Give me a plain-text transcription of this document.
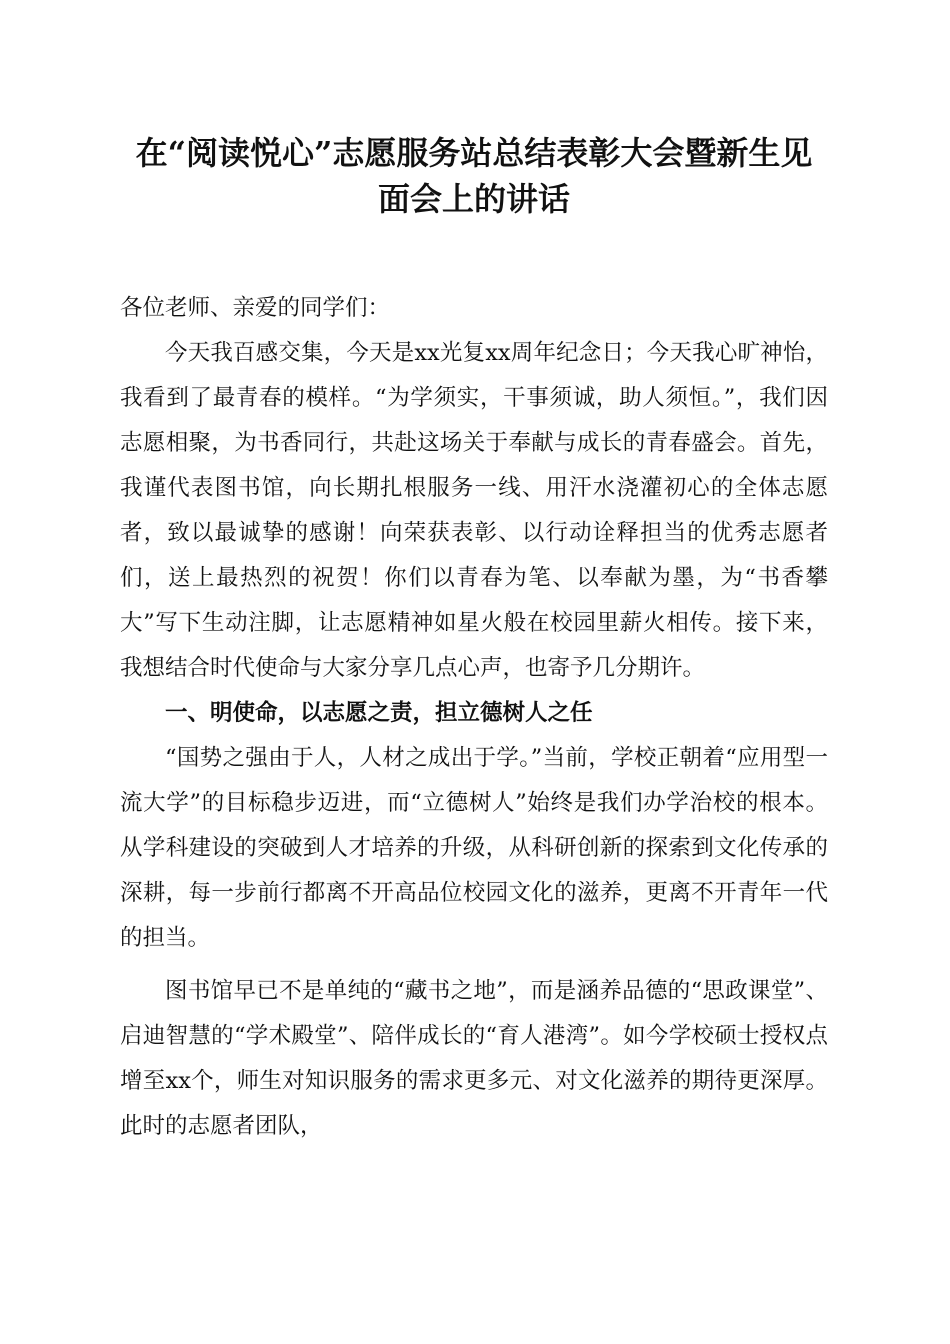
在“阅读悦心”志愿服务站总结表彰大会暨新生见面会上的讲话

各位老师、亲爱的同学们：

今天我百感交集，今天是xx光复xx周年纪念日；今天我心旷神怡，我看到了最青春的模样。“为学须实，干事须诚，助人须恒。”，我们因志愿相聚，为书香同行，共赴这场关于奉献与成长的青春盛会。首先，我谨代表图书馆，向长期扎根服务一线、用汗水浇灌初心的全体志愿者，致以最诚挚的感谢！向荣获表彰、以行动诠释担当的优秀志愿者们，送上最热烈的祝贺！你们以青春为笔、以奉献为墨，为“书香攀大”写下生动注脚，让志愿精神如星火般在校园里薪火相传。接下来，我想结合时代使命与大家分享几点心声，也寄予几分期许。

一、明使命，以志愿之责，担立德树人之任

“国势之强由于人，人材之成出于学。”当前，学校正朝着“应用型一流大学”的目标稳步迈进，而“立德树人”始终是我们办学治校的根本。从学科建设的突破到人才培养的升级，从科研创新的探索到文化传承的深耕，每一步前行都离不开高品位校园文化的滋养，更离不开青年一代的担当。

图书馆早已不是单纯的“藏书之地”，而是涵养品德的“思政课堂”、启迪智慧的“学术殿堂”、陪伴成长的“育人港湾”。如今学校硕士授权点增至xx个，师生对知识服务的需求更多元、对文化滋养的期待更深厚。此时的志愿者团队，
